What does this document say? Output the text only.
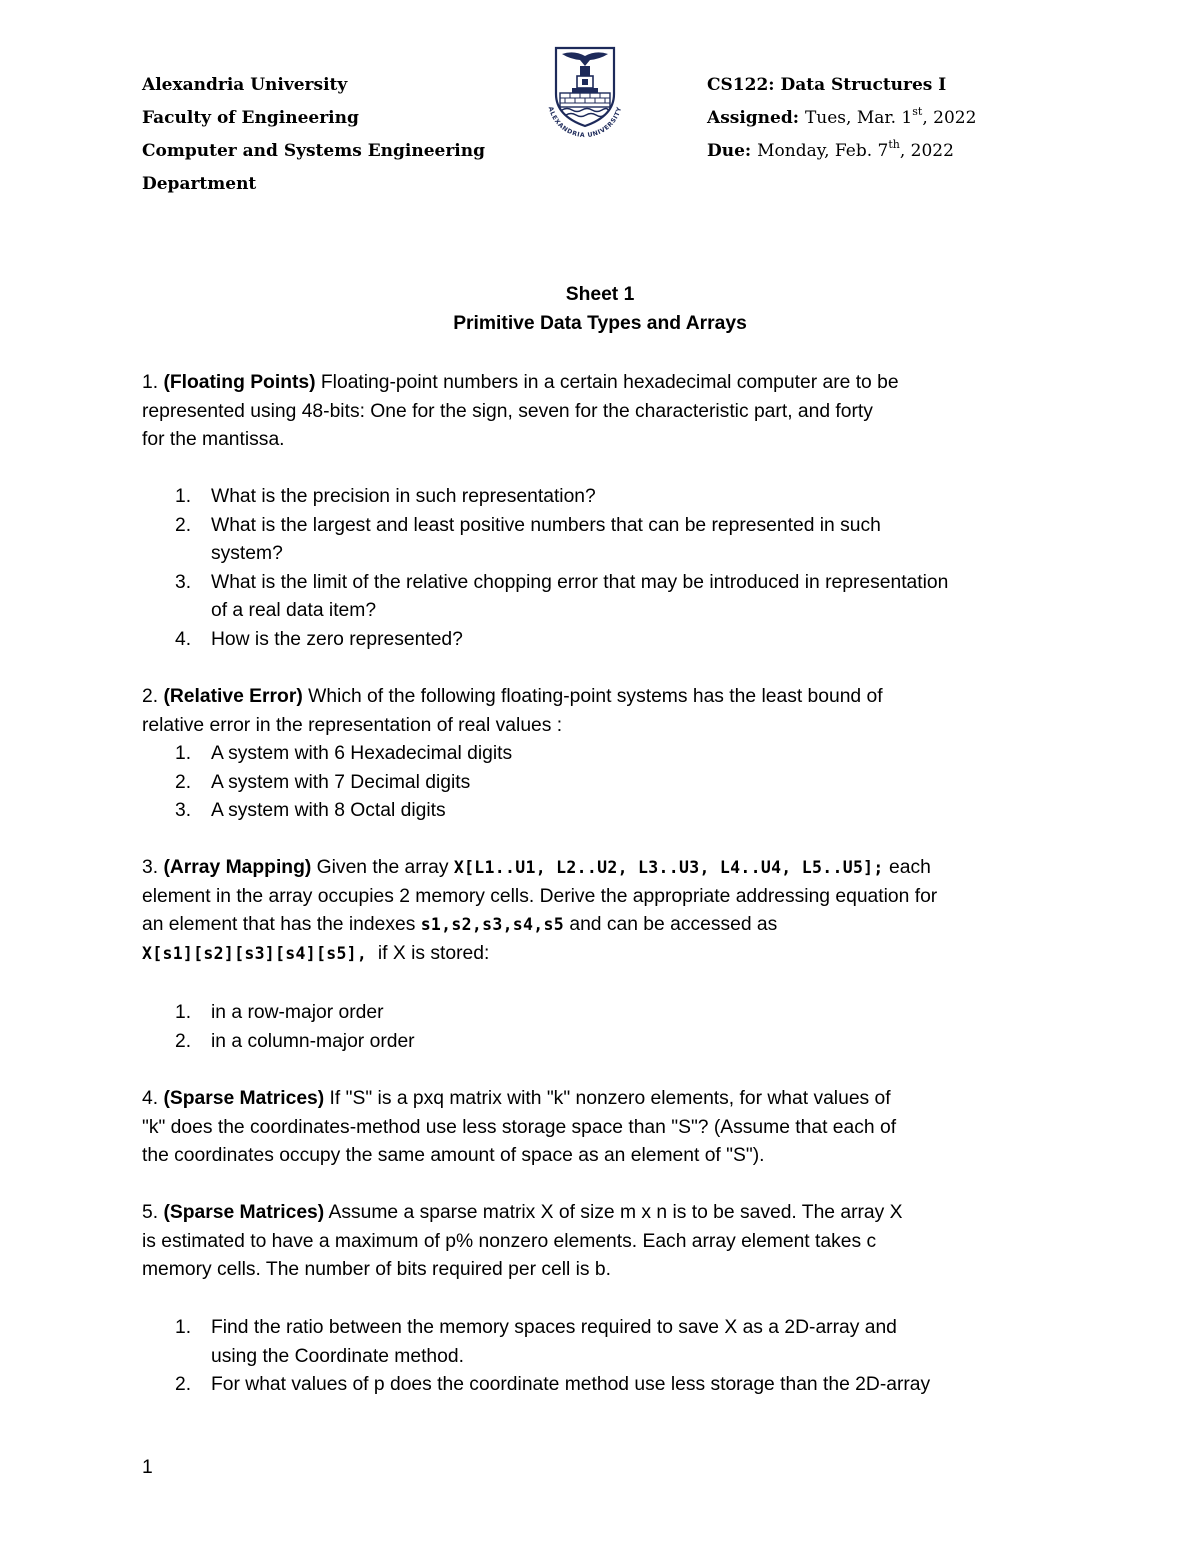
Alexandria University
Faculty of Engineering
Computer and Systems Engineering
Department
ALEXANDRIA UNIVERSITY
CS122: Data Structures I
Assigned: Tues, Mar. 1st, 2022
Due: Monday, Feb. 7th, 2022
Sheet 1
Primitive Data Types and Arrays
1. (Floating Points) Floating-point numbers in a certain hexadecimal computer are to be
represented using 48-bits: One for the sign, seven for the characteristic part, and forty
for the mantissa.
1.	What is the precision in such representation?
2.	What is the largest and least positive numbers that can be represented in such
system?
3.	What is the limit of the relative chopping error that may be introduced in representation
of a real data item?
4.	How is the zero represented?
2. (Relative Error) Which of the following floating-point systems has the least bound of
relative error in the representation of real values :
1.	A system with 6 Hexadecimal digits
2.	A system with 7 Decimal digits
3.	A system with 8 Octal digits
3. (Array Mapping) Given the array X[L1..U1, L2..U2, L3..U3, L4..U4, L5..U5]; each
element in the array occupies 2 memory cells. Derive the appropriate addressing equation for
an element that has the indexes s1,s2,s3,s4,s5 and can be accessed as
X[s1][s2][s3][s4][s5],  if X is stored:
1.	in a row-major order
2.	in a column-major order
4. (Sparse Matrices) If "S" is a pxq matrix with "k" nonzero elements, for what values of
"k" does the coordinates-method use less storage space than "S"? (Assume that each of
the coordinates occupy the same amount of space as an element of "S").
5. (Sparse Matrices) Assume a sparse matrix X of size m x n is to be saved. The array X
is estimated to have a maximum of p% nonzero elements. Each array element takes c
memory cells. The number of bits required per cell is b.
1.	Find the ratio between the memory spaces required to save X as a 2D-array and
using the Coordinate method.
2.	For what values of p does the coordinate method use less storage than the 2D-array
1
